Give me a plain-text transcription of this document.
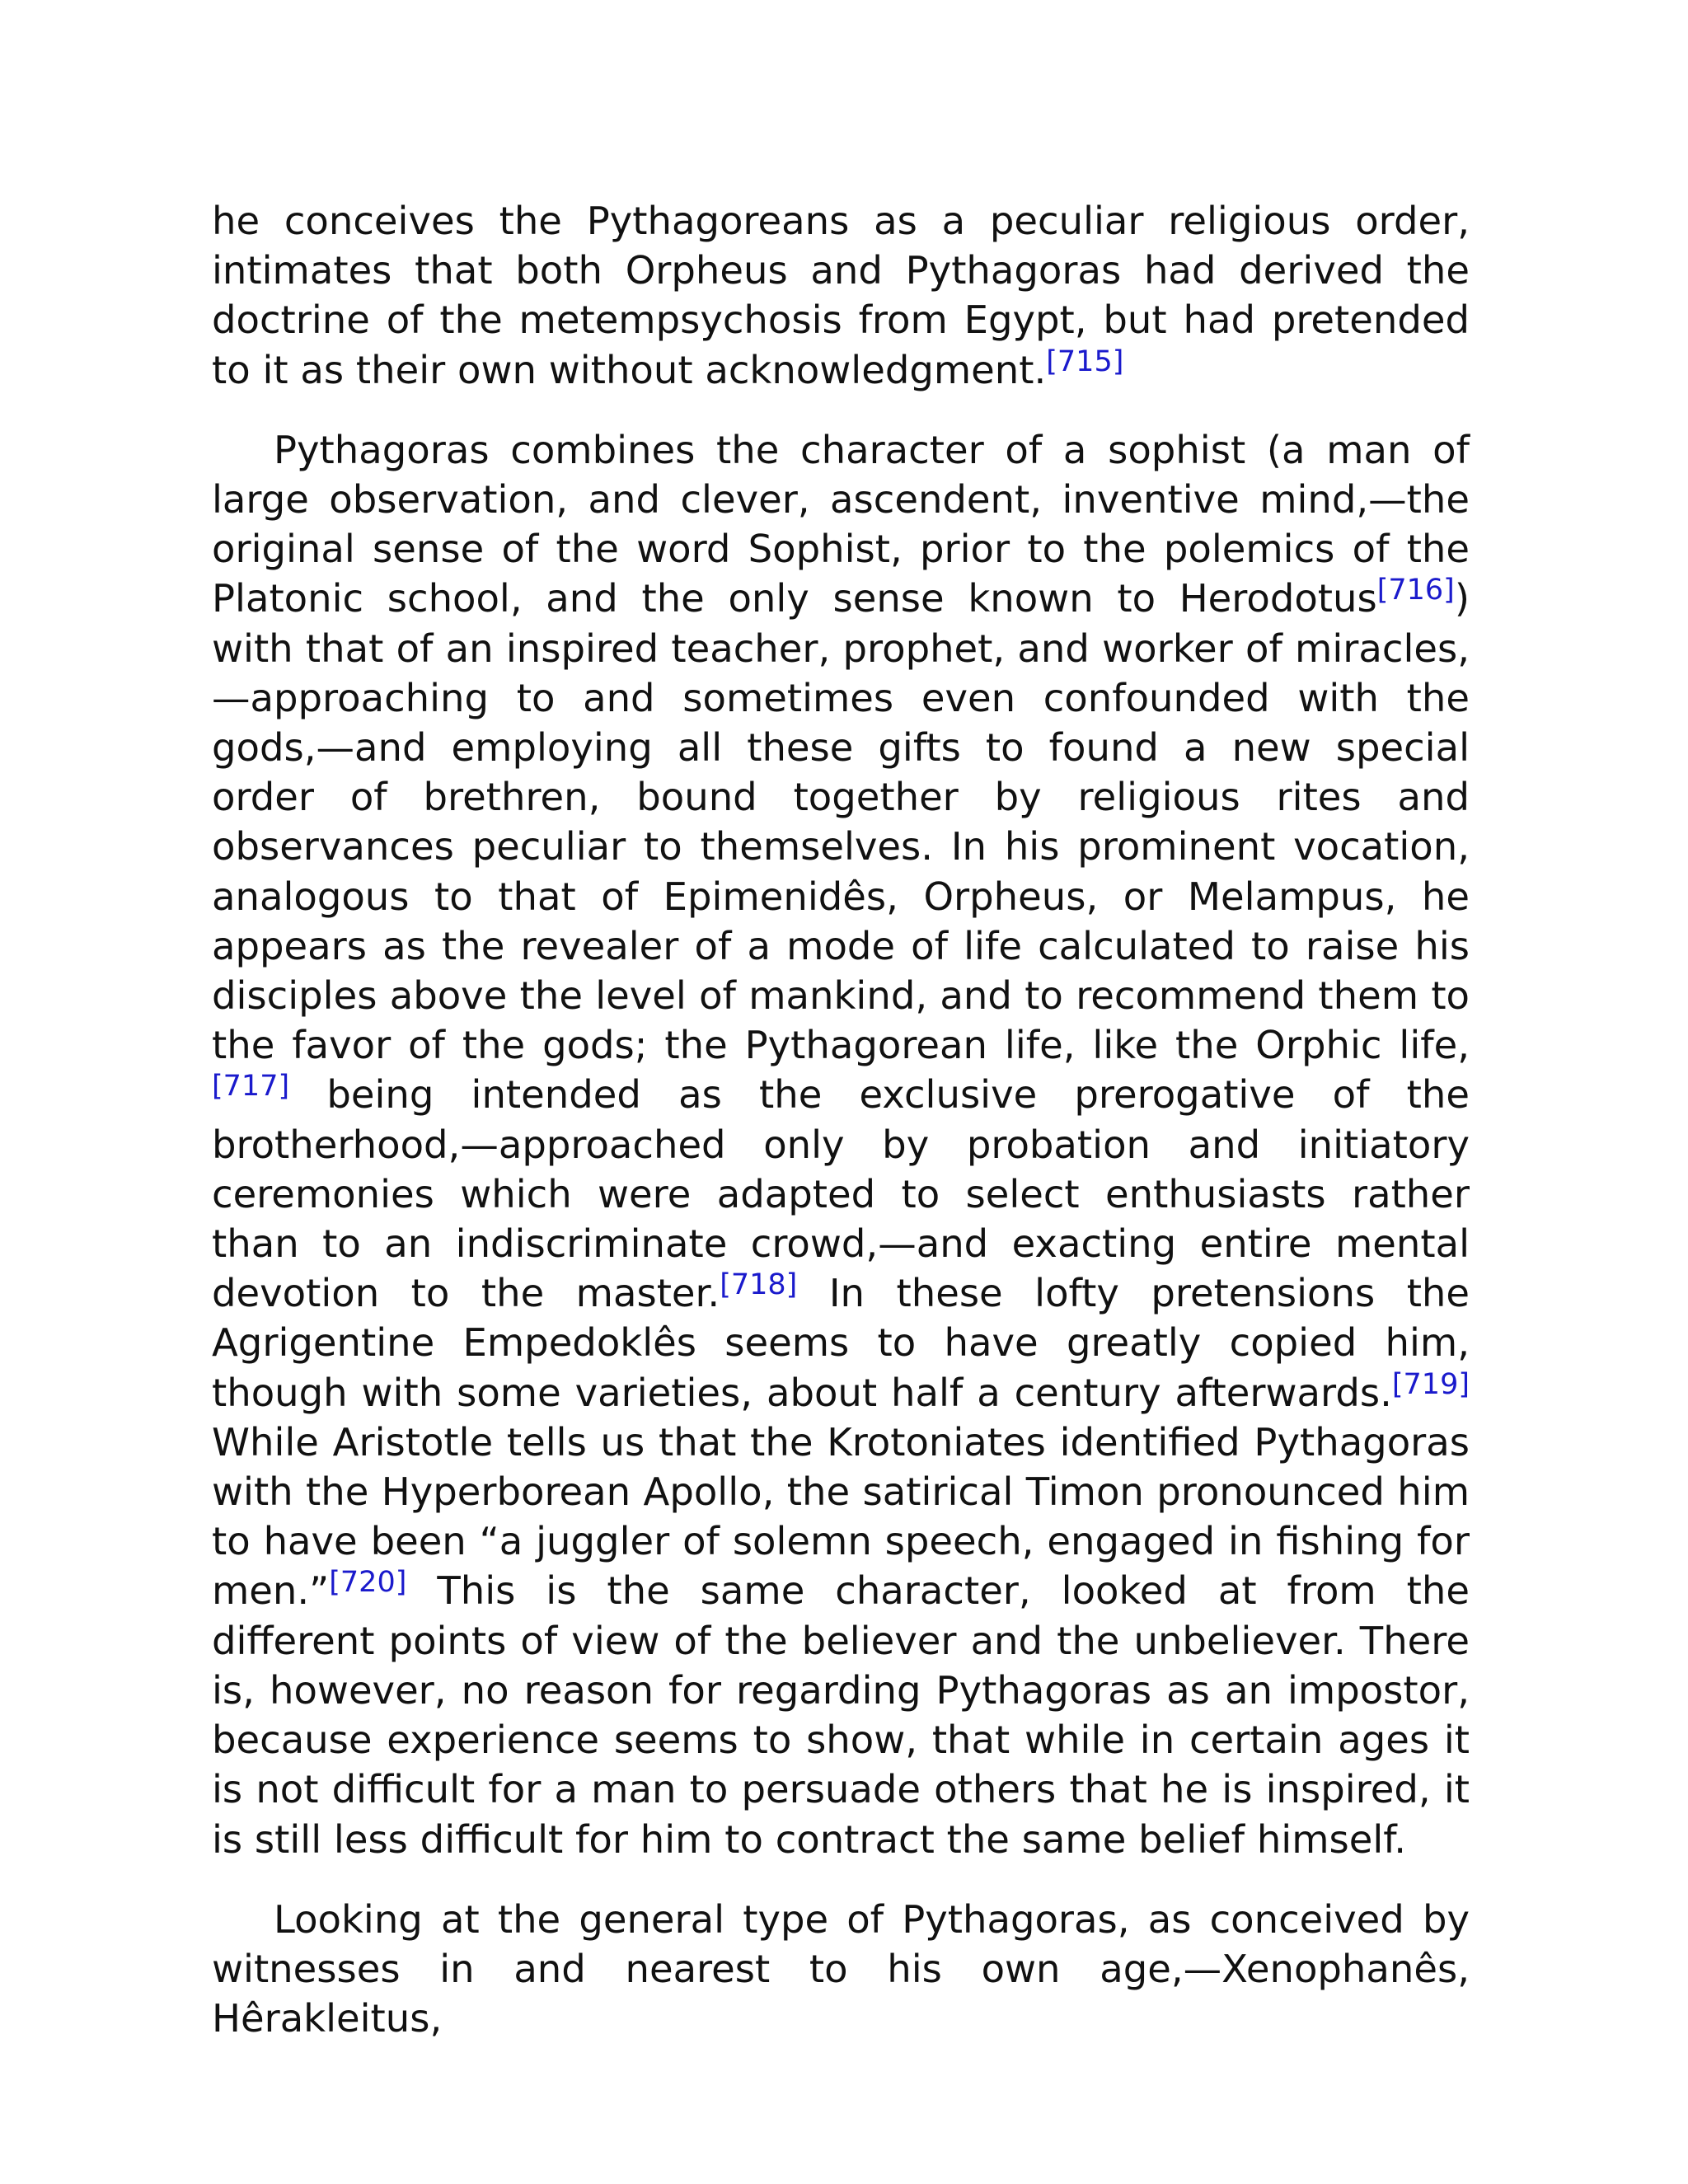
he conceives the Pythagoreans as a peculiar religious order, intimates that both Orpheus and Pythagoras had derived the doctrine of the metempsychosis from Egypt, but had pretended to it as their own without acknowledgment.[715]

Pythagoras combines the character of a sophist (a man of large observation, and clever, ascendent, inventive mind,—the original sense of the word Sophist, prior to the polemics of the Platonic school, and the only sense known to Herodotus[716]) with that of an inspired teacher, prophet, and worker of miracles,—approaching to and sometimes even confounded with the gods,—and employing all these gifts to found a new special order of brethren, bound together by religious rites and observances peculiar to themselves. In his prominent vocation, analogous to that of Epimenidês, Orpheus, or Melampus, he appears as the revealer of a mode of life calculated to raise his disciples above the level of mankind, and to recommend them to the favor of the gods; the Pythagorean life, like the Orphic life,[717] being intended as the exclusive prerogative of the brotherhood,—approached only by probation and initiatory ceremonies which were adapted to select enthusiasts rather than to an indiscriminate crowd,—and exacting entire mental devotion to the master.[718] In these lofty pretensions the Agrigentine Empedoklês seems to have greatly copied him, though with some varieties, about half a century afterwards.[719] While Aristotle tells us that the Krotoniates identified Pythagoras with the Hyperborean Apollo, the satirical Timon pronounced him to have been “a juggler of solemn speech, engaged in fishing for men.”[720] This is the same character, looked at from the different points of view of the believer and the unbeliever. There is, however, no reason for regarding Pythagoras as an impostor, because experience seems to show, that while in certain ages it is not difficult for a man to persuade others that he is inspired, it is still less difficult for him to contract the same belief himself.

Looking at the general type of Pythagoras, as conceived by witnesses in and nearest to his own age,—Xenophanês, Hêrakleitus,
